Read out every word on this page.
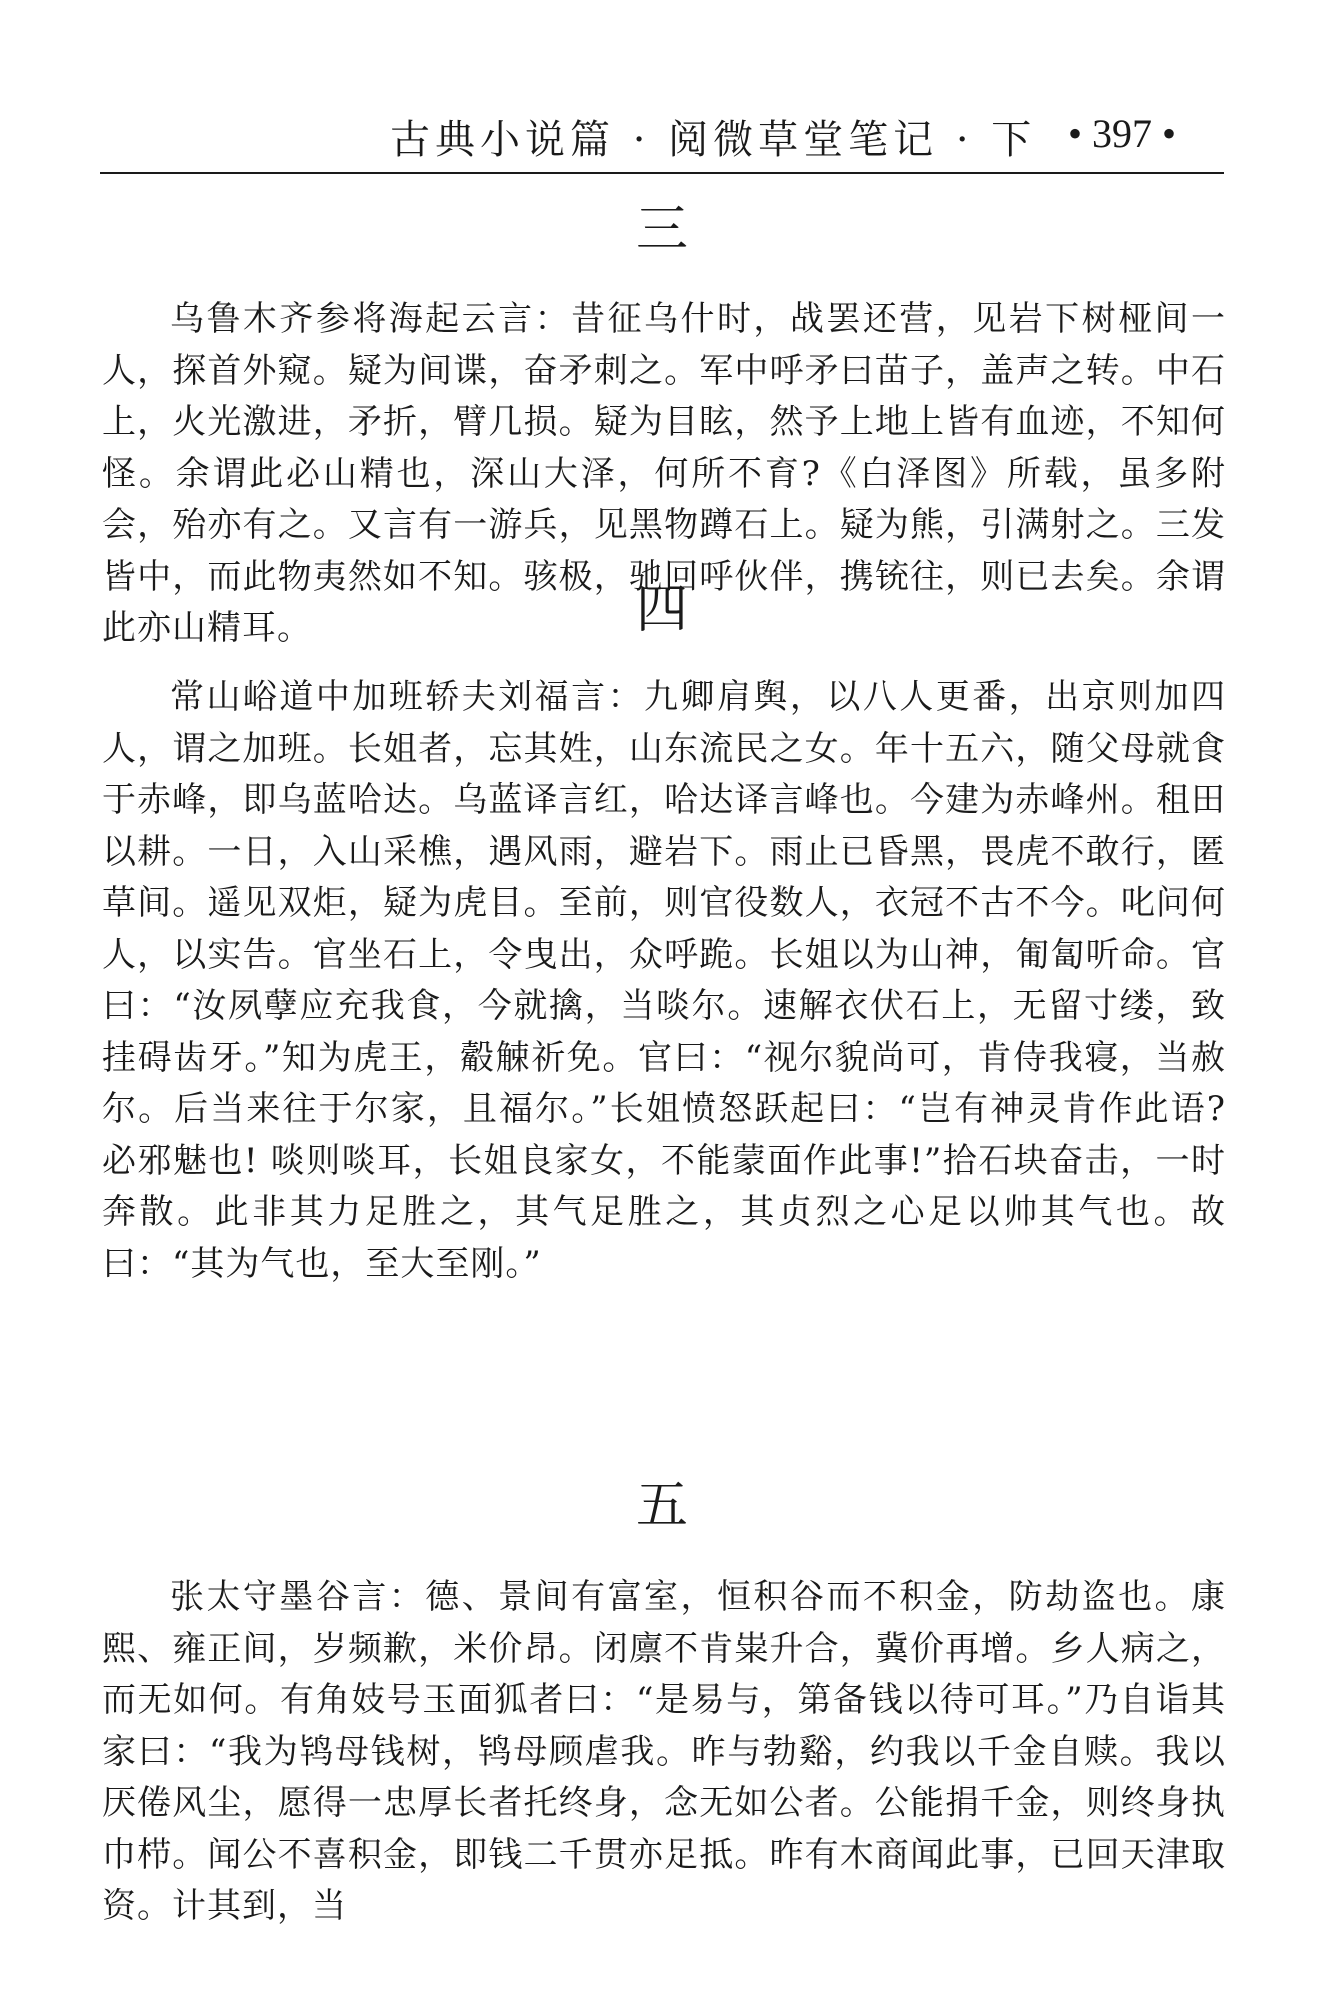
古典小说篇 · 阅微草堂笔记 · 下 • 397 •
三

乌鲁木齐参将海起云言：昔征乌什时，战罢还营，见岩下树桠间一人，探首外窥。疑为间谍，奋矛刺之。军中呼矛曰苗子，盖声之转。中石上，火光激进，矛折，臂几损。疑为目眩，然予上地上皆有血迹，不知何怪。余谓此必山精也，深山大泽，何所不育?《白泽图》所载，虽多附会，殆亦有之。又言有一游兵，见黑物蹲石上。疑为熊，引满射之。三发皆中，而此物夷然如不知。骇极，驰回呼伙伴，携铳往，则已去矣。余谓此亦山精耳。	四

常山峪道中加班轿夫刘福言：九卿肩舆，以八人更番，出京则加四人，谓之加班。长姐者，忘其姓，山东流民之女。年十五六，随父母就食于赤峰，即乌蓝哈达。乌蓝译言红，哈达译言峰也。今建为赤峰州。租田以耕。一日，入山采樵，遇风雨，避岩下。雨止已昏黑，畏虎不敢行，匿草间。遥见双炬，疑为虎目。至前，则官役数人，衣冠不古不今。叱问何人，以实告。官坐石上，令曳出，众呼跪。长姐以为山神，匍匐听命。官曰：“汝夙孽应充我食，今就擒，当啖尔。速解衣伏石上，无留寸缕，致挂碍齿牙。”知为虎王，觳觫祈免。官曰：“视尔貌尚可，肯侍我寝，当赦尔。后当来往于尔家，且福尔。”长姐愤怒跃起曰：“岂有神灵肯作此语? 必邪魅也! 啖则啖耳，长姐良家女，不能蒙面作此事!”拾石块奋击，一时奔散。此非其力足胜之，其气足胜之，其贞烈之心足以帅其气也。故曰：“其为气也，至大至刚。”

五

张太守墨谷言：德、景间有富室，恒积谷而不积金，防劫盗也。康熙、雍正间，岁频歉，米价昂。闭廪不肯粜升合，冀价再增。乡人病之，而无如何。有角妓号玉面狐者曰：“是易与，第备钱以待可耳。”乃自诣其家曰：“我为鸨母钱树，鸨母顾虐我。昨与勃谿，约我以千金自赎。我以厌倦风尘，愿得一忠厚长者托终身，念无如公者。公能捐千金，则终身执巾栉。闻公不喜积金，即钱二千贯亦足抵。昨有木商闻此事，已回天津取资。计其到，当
